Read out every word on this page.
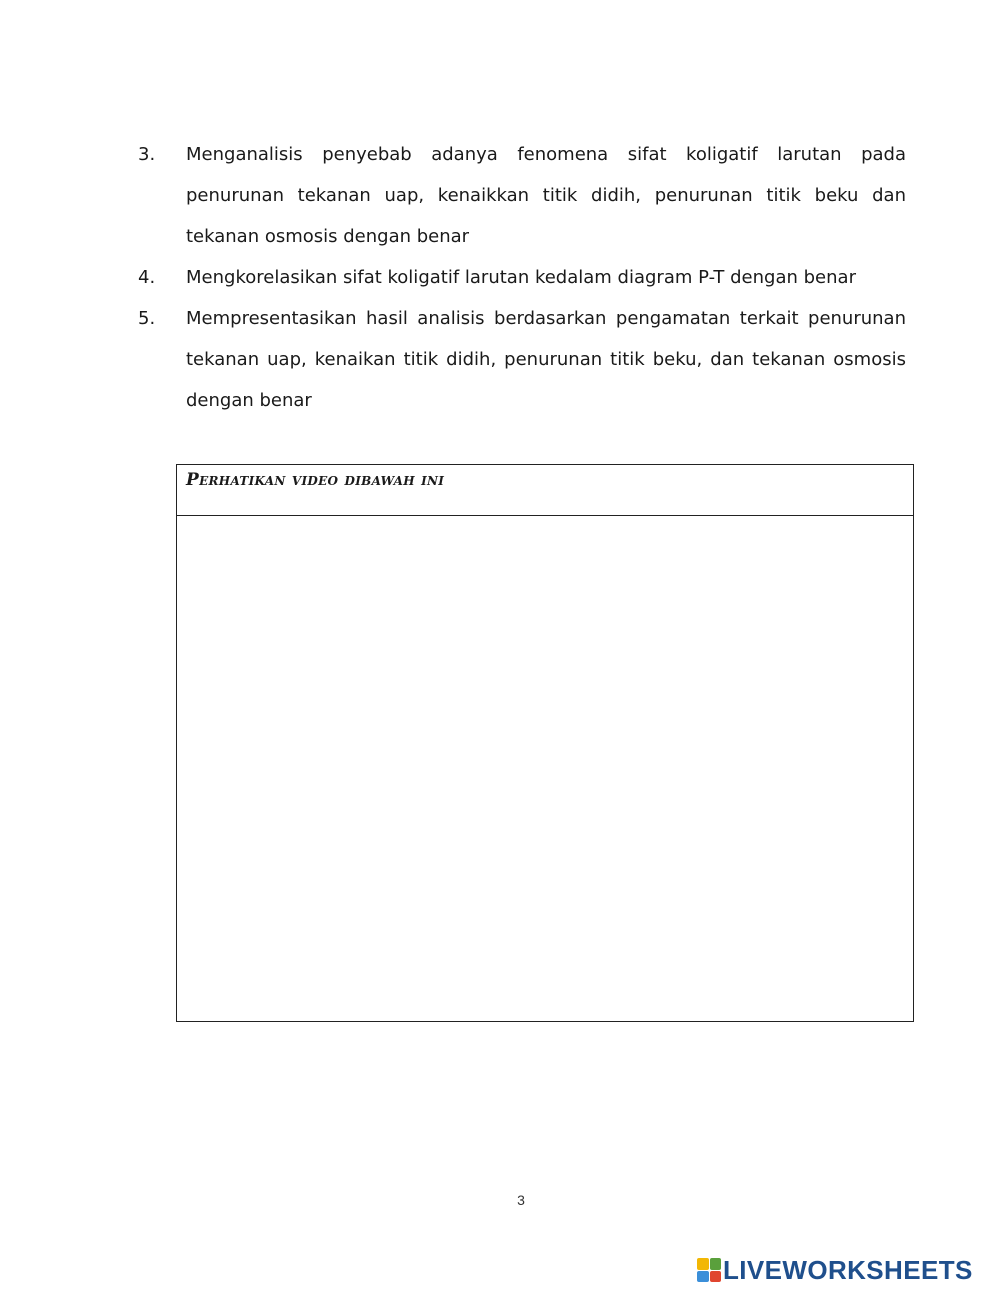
3.	Menganalisis penyebab adanya fenomena sifat koligatif larutan pada penurunan tekanan uap, kenaikkan titik didih, penurunan titik beku dan tekanan osmosis dengan benar
4.	Mengkorelasikan sifat koligatif larutan kedalam diagram P-T dengan benar
5.	Mempresentasikan hasil analisis berdasarkan pengamatan terkait penurunan tekanan uap, kenaikan titik didih, penurunan titik beku, dan tekanan osmosis dengan benar
Perhatikan video dibawah ini
3
LIVEWORKSHEETS
